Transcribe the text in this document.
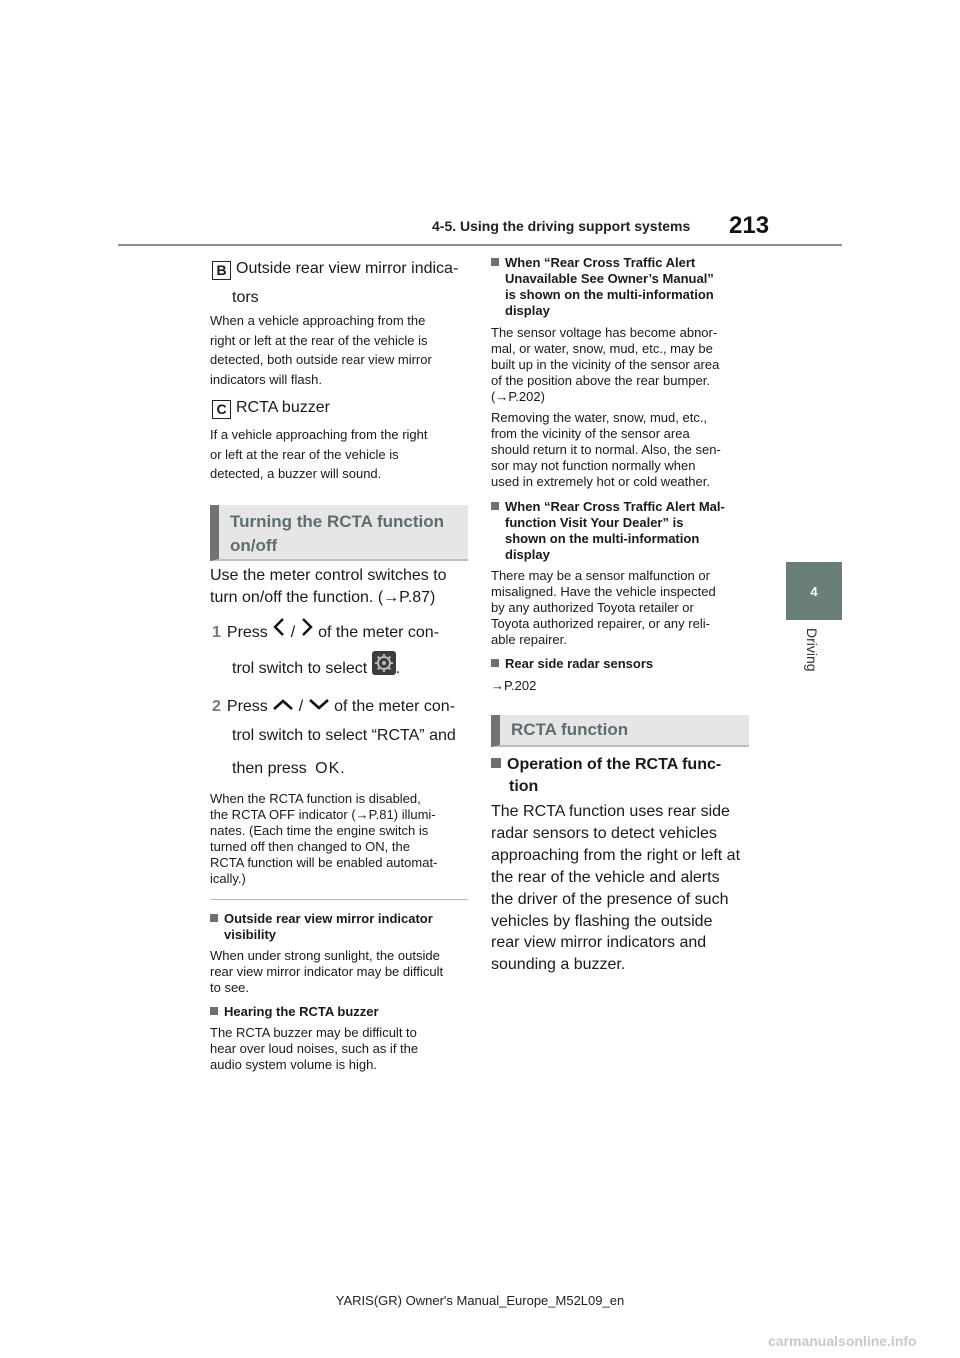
4-5. Using the driving support systems 213
4
Driving
B Outside rear view mirror indica-
tors
When a vehicle approaching from the
right or left at the rear of the vehicle is
detected, both outside rear view mirror
indicators will flash.
C RCTA buzzer
If a vehicle approaching from the right
or left at the rear of the vehicle is
detected, a buzzer will sound.
Turning the RCTA function
on/off
Use the meter control switches to
turn on/off the function. (→P.87)
1 Press / of the meter con-
trol switch to select .
2 Press / of the meter con-
trol switch to select “RCTA” and
then press OK.
When the RCTA function is disabled,
the RCTA OFF indicator (→P.81) illumi-
nates. (Each time the engine switch is
turned off then changed to ON, the
RCTA function will be enabled automat-
ically.)
Outside rear view mirror indicator
visibility
When under strong sunlight, the outside
rear view mirror indicator may be difficult
to see.
Hearing the RCTA buzzer
The RCTA buzzer may be difficult to
hear over loud noises, such as if the
audio system volume is high.
When “Rear Cross Traffic Alert
Unavailable See Owner’s Manual”
is shown on the multi-information
display
The sensor voltage has become abnor-
mal, or water, snow, mud, etc., may be
built up in the vicinity of the sensor area
of the position above the rear bumper.
(→P.202)
Removing the water, snow, mud, etc.,
from the vicinity of the sensor area
should return it to normal. Also, the sen-
sor may not function normally when
used in extremely hot or cold weather.
When “Rear Cross Traffic Alert Mal-
function Visit Your Dealer” is
shown on the multi-information
display
There may be a sensor malfunction or
misaligned. Have the vehicle inspected
by any authorized Toyota retailer or
Toyota authorized repairer, or any reli-
able repairer.
Rear side radar sensors
→P.202
RCTA function
Operation of the RCTA func-
tion
The RCTA function uses rear side
radar sensors to detect vehicles
approaching from the right or left at
the rear of the vehicle and alerts
the driver of the presence of such
vehicles by flashing the outside
rear view mirror indicators and
sounding a buzzer.
YARIS(GR) Owner's Manual_Europe_M52L09_en
carmanualsonline.info
